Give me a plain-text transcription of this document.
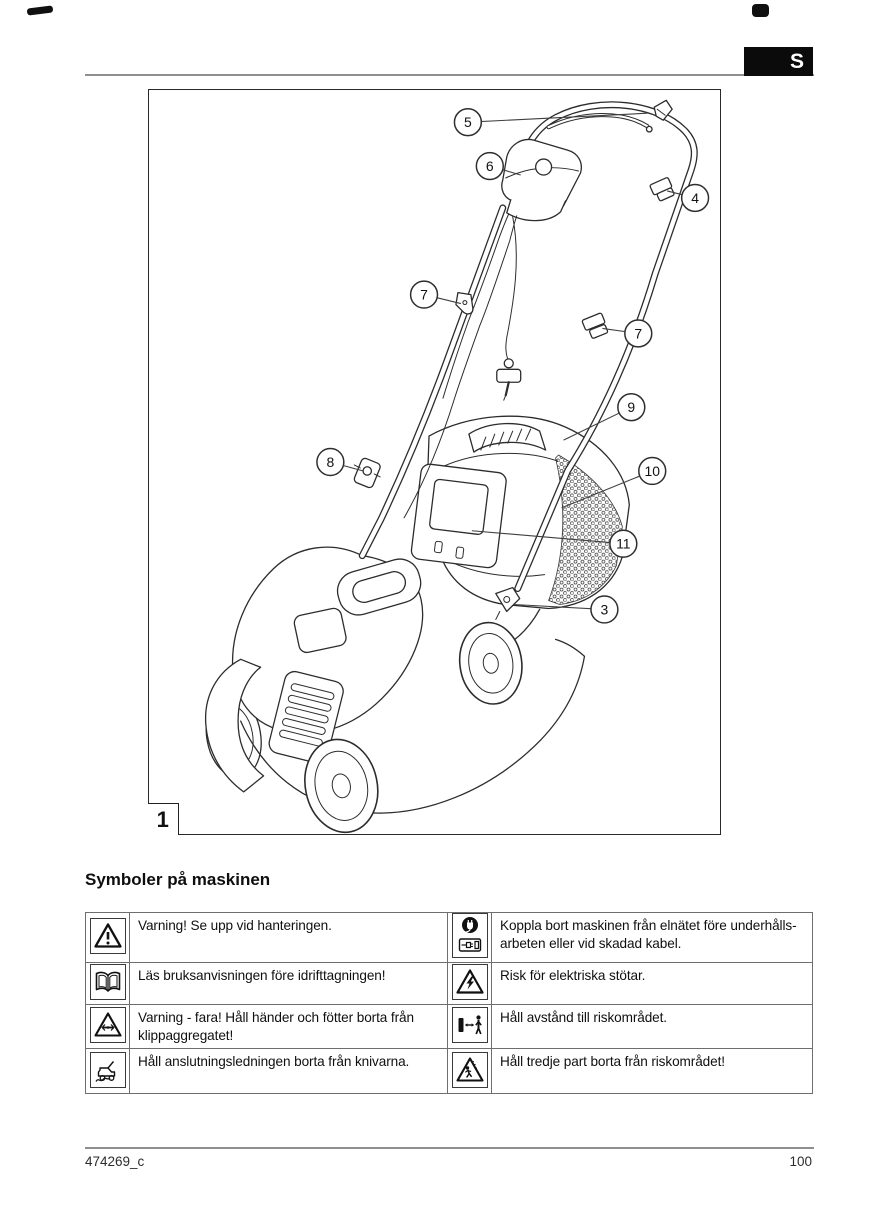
S
5
6
4
7
7
9
8
10
11
3
1
Symboler på maskinen

Varning! Se upp vid hanteringen.		Koppla bort maskinen från elnätet före underhålls-arbeten eller vid skadad kabel.

Läs bruksanvisningen före idrifttagningen!		Risk för elektriska stötar.

Varning - fara! Håll händer och fötter borta från klippaggregatet!		Håll avstånd till riskområdet.

Håll anslutningsledningen borta från knivarna.		Håll tredje part borta från riskområdet!
474269_c	100
